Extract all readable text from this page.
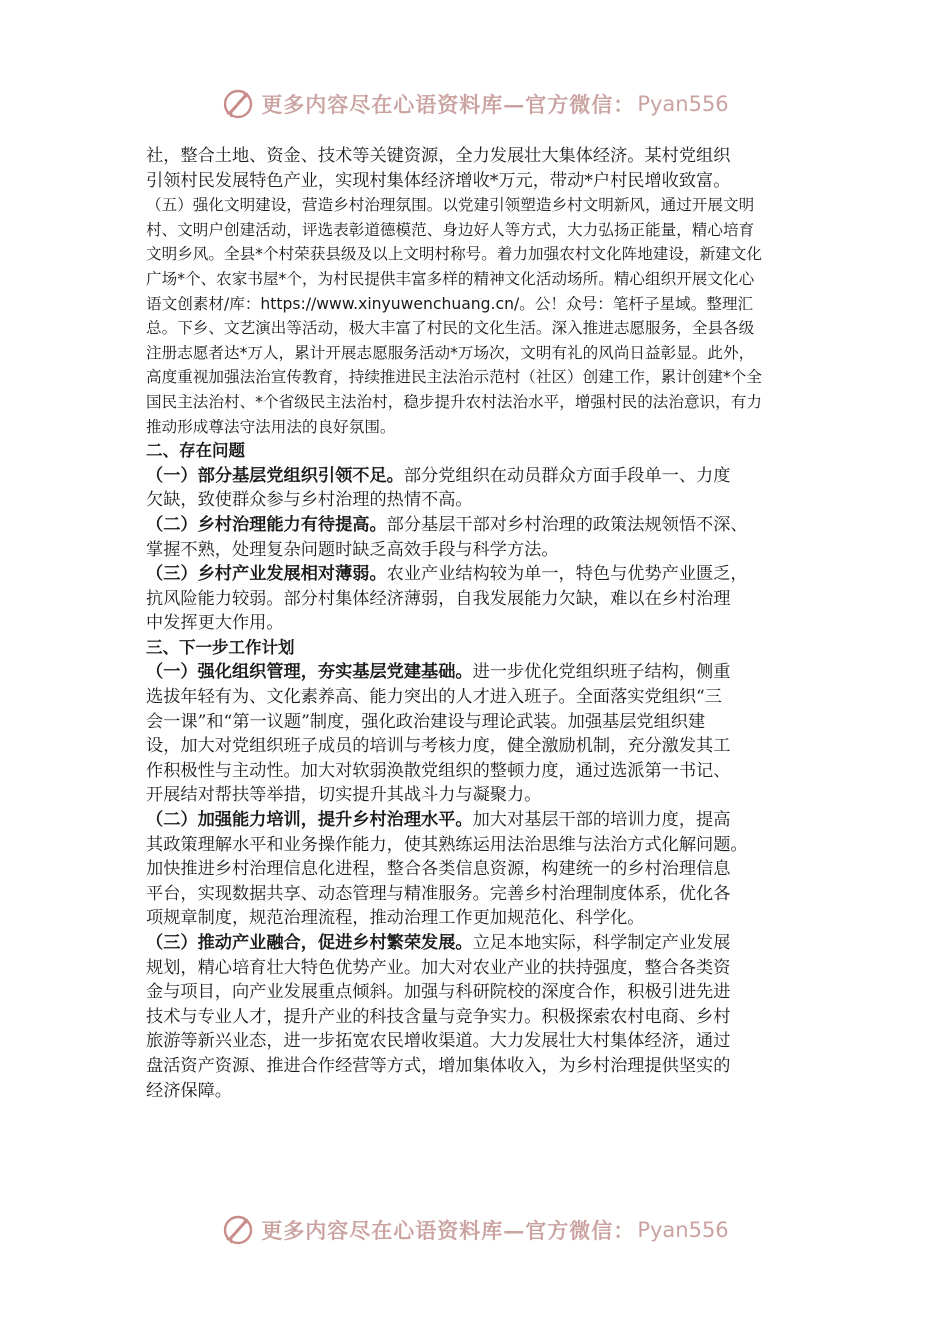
更多内容尽在心语资料库—官方微信： Pyan556

社，整合土地、资金、技术等关键资源，全力发展壮大集体经济。某村党组织
引领村民发展特色产业，实现村集体经济增收*万元，带动*户村民增收致富。

（五）强化文明建设，营造乡村治理氛围。以党建引领塑造乡村文明新风，通过开展文明
村、文明户创建活动，评选表彰道德模范、身边好人等方式，大力弘扬正能量，精心培育
文明乡风。全县*个村荣获县级及以上文明村称号。着力加强农村文化阵地建设，新建文化
广场*个、农家书屋*个，为村民提供丰富多样的精神文化活动场所。精心组织开展文化心
语文创素材/库：https://www.xinyuwenchuang.cn/。公！众号：笔杆子星域。整理汇
总。下乡、文艺演出等活动，极大丰富了村民的文化生活。深入推进志愿服务，全县各级
注册志愿者达*万人，累计开展志愿服务活动*万场次，文明有礼的风尚日益彰显。此外，
高度重视加强法治宣传教育，持续推进民主法治示范村（社区）创建工作，累计创建*个全
国民主法治村、*个省级民主法治村，稳步提升农村法治水平，增强村民的法治意识，有力
推动形成尊法守法用法的良好氛围。

二、存在问题

（一）部分基层党组织引领不足。部分党组织在动员群众方面手段单一、力度
欠缺，致使群众参与乡村治理的热情不高。

（二）乡村治理能力有待提高。部分基层干部对乡村治理的政策法规领悟不深、
掌握不熟，处理复杂问题时缺乏高效手段与科学方法。

（三）乡村产业发展相对薄弱。农业产业结构较为单一，特色与优势产业匮乏，
抗风险能力较弱。部分村集体经济薄弱，自我发展能力欠缺，难以在乡村治理
中发挥更大作用。

三、下一步工作计划

（一）强化组织管理，夯实基层党建基础。进一步优化党组织班子结构，侧重
选拔年轻有为、文化素养高、能力突出的人才进入班子。全面落实党组织“三
会一课”和“第一议题”制度，强化政治建设与理论武装。加强基层党组织建
设，加大对党组织班子成员的培训与考核力度，健全激励机制，充分激发其工
作积极性与主动性。加大对软弱涣散党组织的整顿力度，通过选派第一书记、
开展结对帮扶等举措，切实提升其战斗力与凝聚力。

（二）加强能力培训，提升乡村治理水平。加大对基层干部的培训力度，提高
其政策理解水平和业务操作能力，使其熟练运用法治思维与法治方式化解问题。
加快推进乡村治理信息化进程，整合各类信息资源，构建统一的乡村治理信息
平台，实现数据共享、动态管理与精准服务。完善乡村治理制度体系，优化各
项规章制度，规范治理流程，推动治理工作更加规范化、科学化。

（三）推动产业融合，促进乡村繁荣发展。立足本地实际，科学制定产业发展
规划，精心培育壮大特色优势产业。加大对农业产业的扶持强度，整合各类资
金与项目，向产业发展重点倾斜。加强与科研院校的深度合作，积极引进先进
技术与专业人才，提升产业的科技含量与竞争实力。积极探索农村电商、乡村
旅游等新兴业态，进一步拓宽农民增收渠道。大力发展壮大村集体经济，通过
盘活资产资源、推进合作经营等方式，增加集体收入，为乡村治理提供坚实的
经济保障。

更多内容尽在心语资料库—官方微信： Pyan556
